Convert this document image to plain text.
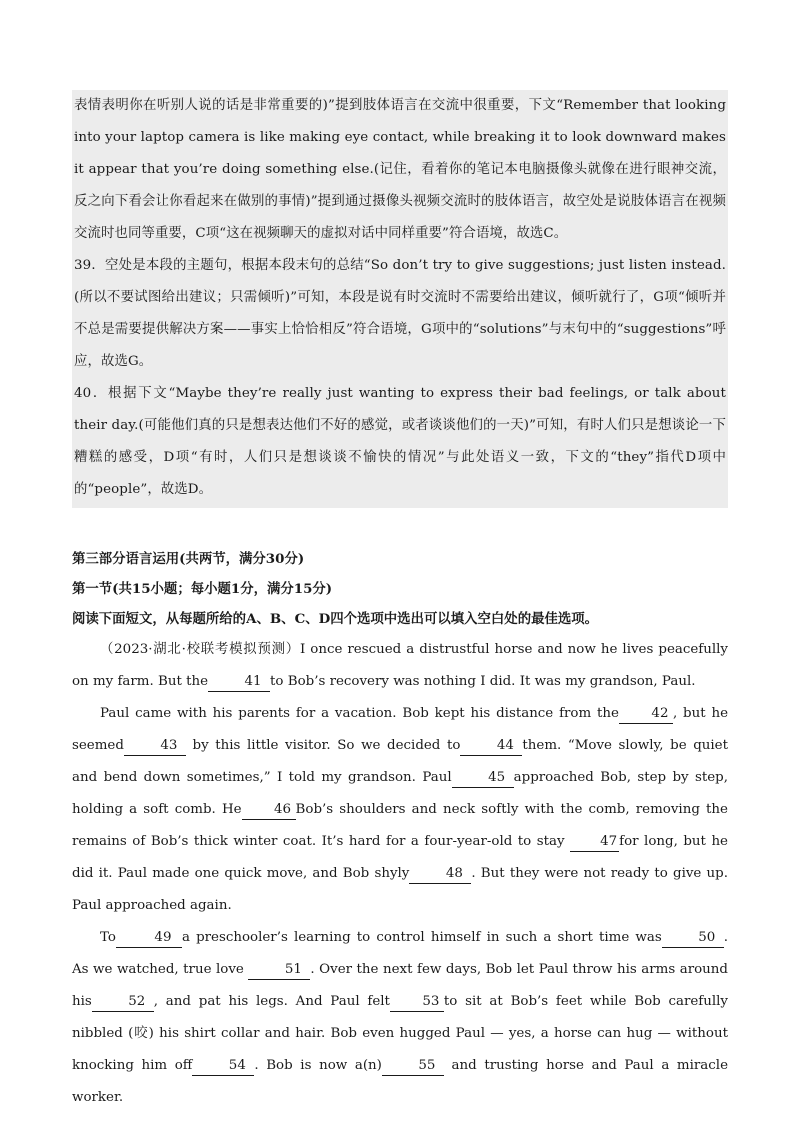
表情表明你在听别人说的话是非常重要的)”提到肢体语言在交流中很重要，下文“Remember that looking into your laptop camera is like making eye contact, while breaking it to look downward makes it appear that you’re doing something else.(记住，看着你的笔记本电脑摄像头就像在进行眼神交流，反之向下看会让你看起来在做别的事情)”提到通过摄像头视频交流时的肢体语言，故空处是说肢体语言在视频交流时也同等重要，C项“这在视频聊天的虚拟对话中同样重要”符合语境，故选C。

39．空处是本段的主题句，根据本段末句的总结“So don’t try to give suggestions; just listen instead.(所以不要试图给出建议；只需倾听)”可知，本段是说有时交流时不需要给出建议，倾听就行了，G项“倾听并不总是需要提供解决方案——事实上恰恰相反”符合语境，G项中的“solutions”与末句中的“suggestions”呼应，故选G。

40．根据下文“Maybe they’re really just wanting to express their bad feelings, or talk about their day.(可能他们真的只是想表达他们不好的感觉，或者谈谈他们的一天)”可知，有时人们只是想谈论一下糟糕的感受，D项“有时，人们只是想谈谈不愉快的情况”与此处语义一致，下文的“they”指代D项中的“people”，故选D。

第三部分语言运用(共两节，满分30分)

第一节(共15小题；每小题1分，满分15分)

阅读下面短文，从每题所给的A、B、C、D四个选项中选出可以填入空白处的最佳选项。

（2023·湖北·校联考模拟预测）I once rescued a distrustful horse and now he lives peacefully on my farm. But the	41 to Bob’s recovery was nothing I did. It was my grandson, Paul.

Paul came with his parents for a vacation. Bob kept his distance from the 42 , but he seemed	43 by this little visitor. So we decided to	44 them. “Move slowly, be quiet and bend down sometimes,” I told my grandson. Paul	45 approached Bob, step by step, holding a soft comb. He 46 Bob’s shoulders and neck softly with the comb, removing the remains of Bob’s thick winter coat. It’s hard for a four-year-old to stay	47 for long, but he did it. Paul made one quick move, and Bob shyly	48 . But they were not ready to give up. Paul approached again.

To	49 a preschooler’s learning to control himself in such a short time was	50 . As we watched, true love	51 . Over the next few days, Bob let Paul throw his arms around his	52 , and pat his legs. And Paul felt 53 to sit at Bob’s feet while Bob carefully nibbled (咬) his shirt collar and hair. Bob even hugged Paul — yes, a horse can hug — without knocking him off	54 . Bob is now a(n)	55 and trusting horse and Paul a miracle worker.
